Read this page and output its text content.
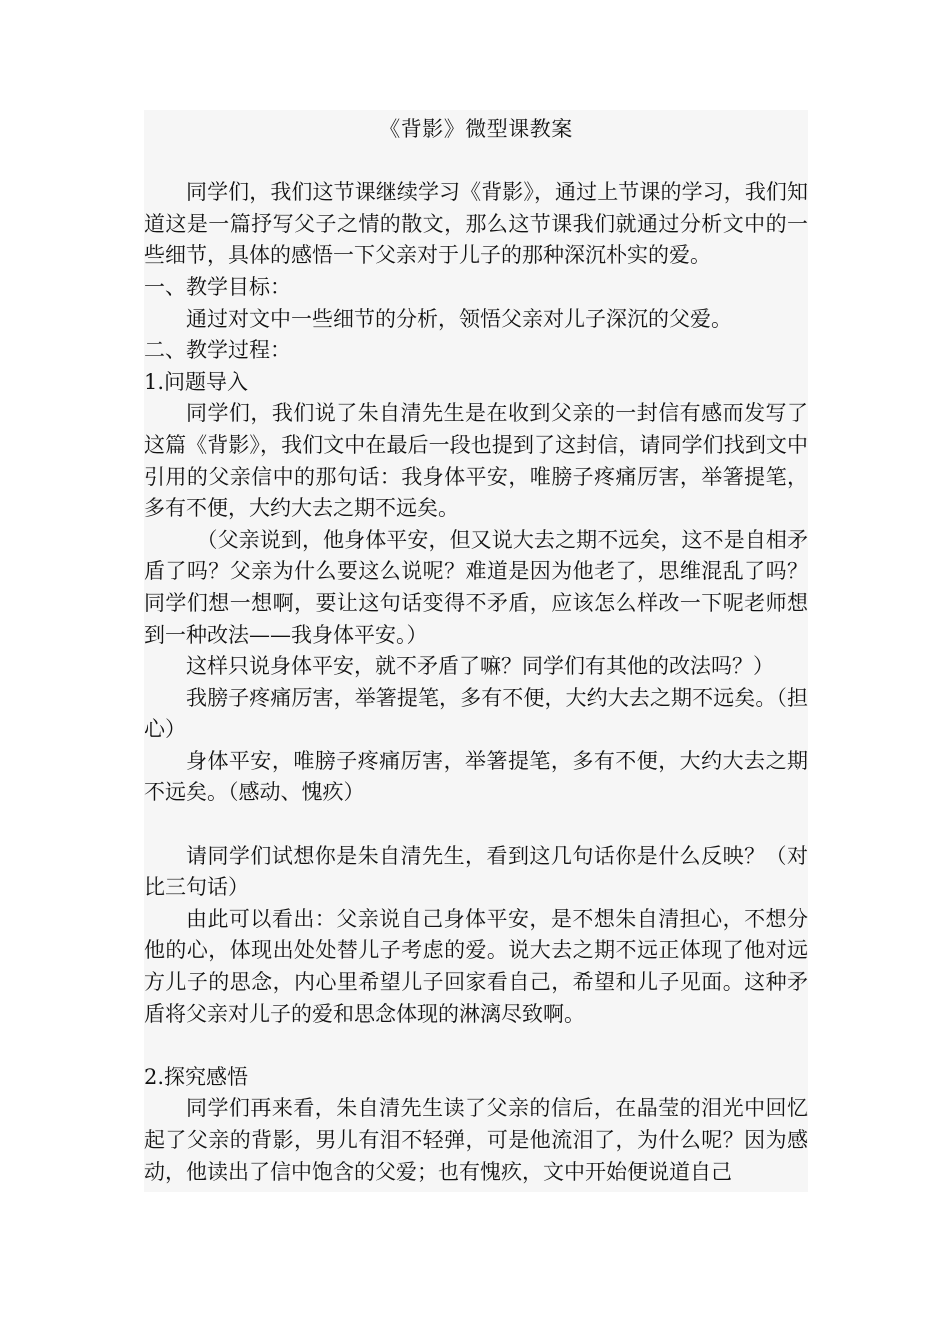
《背影》微型课教案

同学们，我们这节课继续学习《背影》，通过上节课的学习，我们知道这是一篇抒写父子之情的散文，那么这节课我们就通过分析文中的一些细节，具体的感悟一下父亲对于儿子的那种深沉朴实的爱。

一、教学目标：

通过对文中一些细节的分析，领悟父亲对儿子深沉的父爱。

二、教学过程：

1.问题导入

同学们，我们说了朱自清先生是在收到父亲的一封信有感而发写了这篇《背影》，我们文中在最后一段也提到了这封信，请同学们找到文中引用的父亲信中的那句话：我身体平安，唯膀子疼痛厉害，举箸提笔，多有不便，大约大去之期不远矣。

（父亲说到，他身体平安，但又说大去之期不远矣，这不是自相矛盾了吗？父亲为什么要这么说呢？难道是因为他老了，思维混乱了吗？同学们想一想啊，要让这句话变得不矛盾，应该怎么样改一下呢老师想到一种改法——我身体平安。）

这样只说身体平安，就不矛盾了嘛？同学们有其他的改法吗？）

我膀子疼痛厉害，举箸提笔，多有不便，大约大去之期不远矣。（担心）

身体平安，唯膀子疼痛厉害，举箸提笔，多有不便，大约大去之期不远矣。（感动、愧疚）

请同学们试想你是朱自清先生，看到这几句话你是什么反映？（对比三句话）

由此可以看出：父亲说自己身体平安，是不想朱自清担心，不想分他的心，体现出处处替儿子考虑的爱。说大去之期不远正体现了他对远方儿子的思念，内心里希望儿子回家看自己，希望和儿子见面。这种矛盾将父亲对儿子的爱和思念体现的淋漓尽致啊。

2.探究感悟

同学们再来看，朱自清先生读了父亲的信后，在晶莹的泪光中回忆起了父亲的背影，男儿有泪不轻弹，可是他流泪了，为什么呢？因为感动，他读出了信中饱含的父爱；也有愧疚，文中开始便说道自己
